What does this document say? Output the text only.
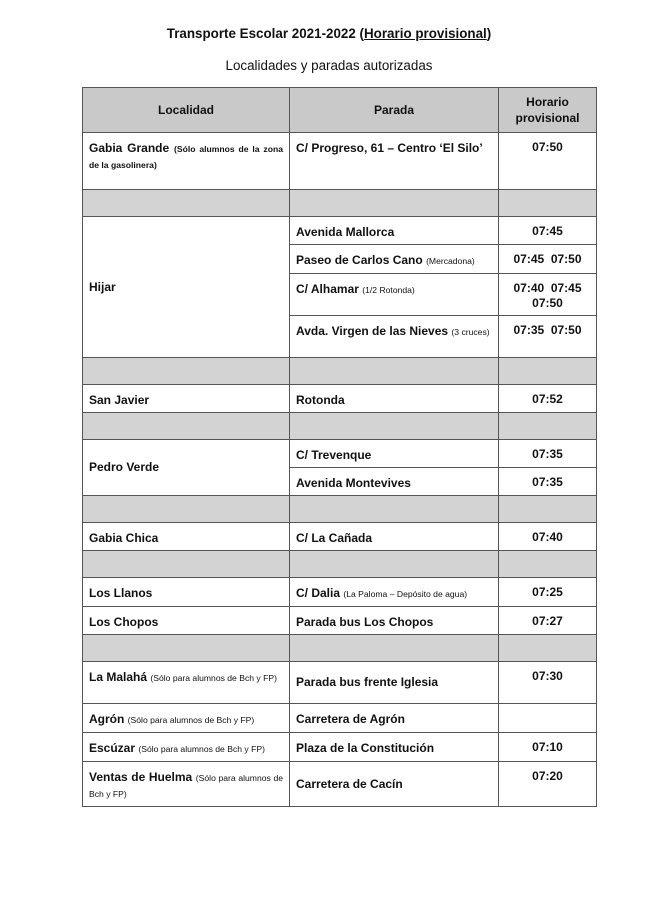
Transporte Escolar 2021-2022 (Horario provisional)
Localidades y paradas autorizadas
Localidad	Parada	Horario provisional
Gabia Grande (Sólo alumnos de la zona de la gasolinera)	C/ Progreso, 61 – Centro ‘El Silo’	07:50

Hijar	Avenida Mallorca	07:45
	Paseo de Carlos Cano (Mercadona)	07:45  07:50
	C/ Alhamar (1/2 Rotonda)	07:40  07:45 07:50
	Avda. Virgen de las Nieves (3 cruces)	07:35  07:50

San Javier	Rotonda	07:52

Pedro Verde	C/ Trevenque	07:35
	Avenida Montevives	07:35

Gabia Chica	C/ La Cañada	07:40

Los Llanos	C/ Dalia (La Paloma – Depósito de agua)	07:25
Los Chopos	Parada bus Los Chopos	07:27

La Malahá (Sólo para alumnos de Bch y FP)	Parada bus frente Iglesia	07:30
Agrón (Sólo para alumnos de Bch y FP)	Carretera de Agrón	
Escúzar (Sólo para alumnos de Bch y FP)	Plaza de la Constitución	07:10
Ventas de Huelma (Sólo para alumnos de Bch y FP)	Carretera de Cacín	07:20
